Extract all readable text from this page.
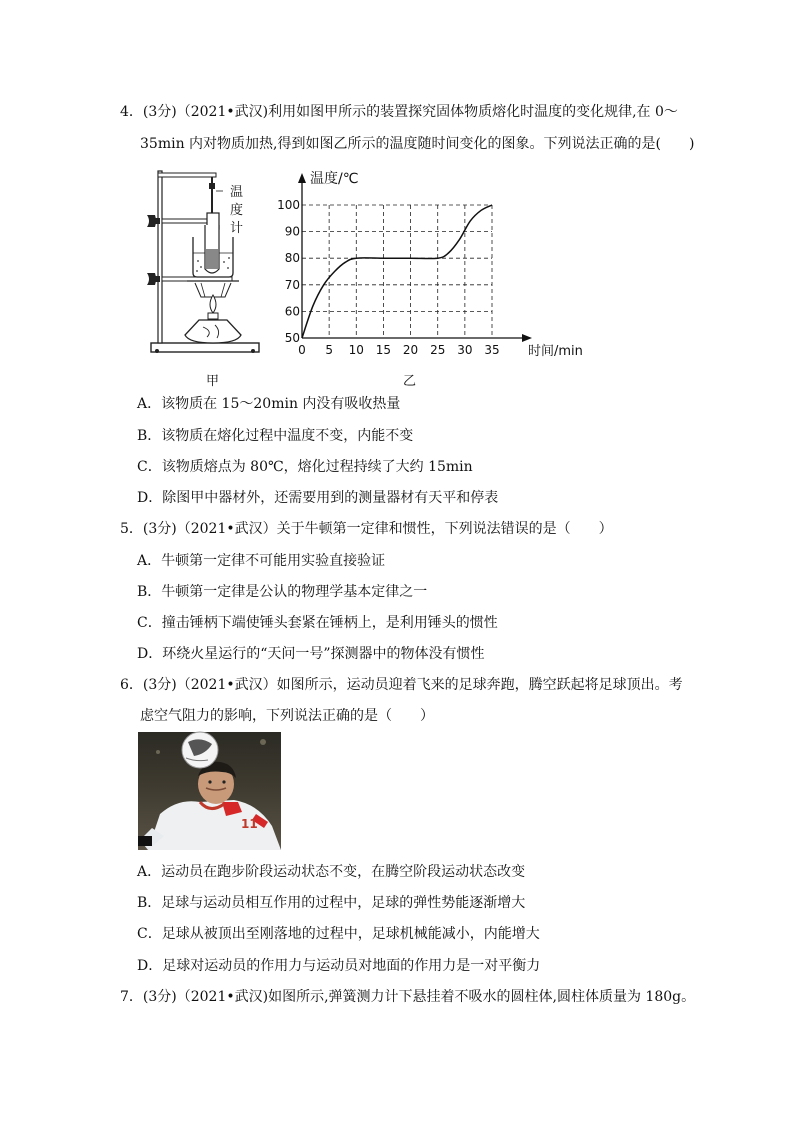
4．(3分)（2021•武汉)利用如图甲所示的装置探究固体物质熔化时温度的变化规律,在 0～
35min 内对物质加热,得到如图乙所示的温度随时间变化的图象。下列说法正确的是(　　)
温
度
计
甲
0 5 10 15 20 25 30 35
50
60
70
80
90
100
温度/℃
时间/min
乙
A．该物质在 15～20min 内没有吸收热量
B．该物质在熔化过程中温度不变，内能不变
C．该物质熔点为 80℃，熔化过程持续了大约 15min
D．除图甲中器材外，还需要用到的测量器材有天平和停表
5．(3分)（2021•武汉）关于牛顿第一定律和惯性，下列说法错误的是（　　）
A．牛顿第一定律不可能用实验直接验证
B．牛顿第一定律是公认的物理学基本定律之一
C．撞击锤柄下端使锤头套紧在锤柄上，是利用锤头的惯性
D．环绕火星运行的“天问一号”探测器中的物体没有惯性
6．(3分)（2021•武汉）如图所示，运动员迎着飞来的足球奔跑，腾空跃起将足球顶出。考
虑空气阻力的影响，下列说法正确的是（　　）
11
A．运动员在跑步阶段运动状态不变，在腾空阶段运动状态改变
B．足球与运动员相互作用的过程中，足球的弹性势能逐渐增大
C．足球从被顶出至刚落地的过程中，足球机械能减小，内能增大
D．足球对运动员的作用力与运动员对地面的作用力是一对平衡力
7．(3分)（2021•武汉)如图所示,弹簧测力计下悬挂着不吸水的圆柱体,圆柱体质量为 180g。
